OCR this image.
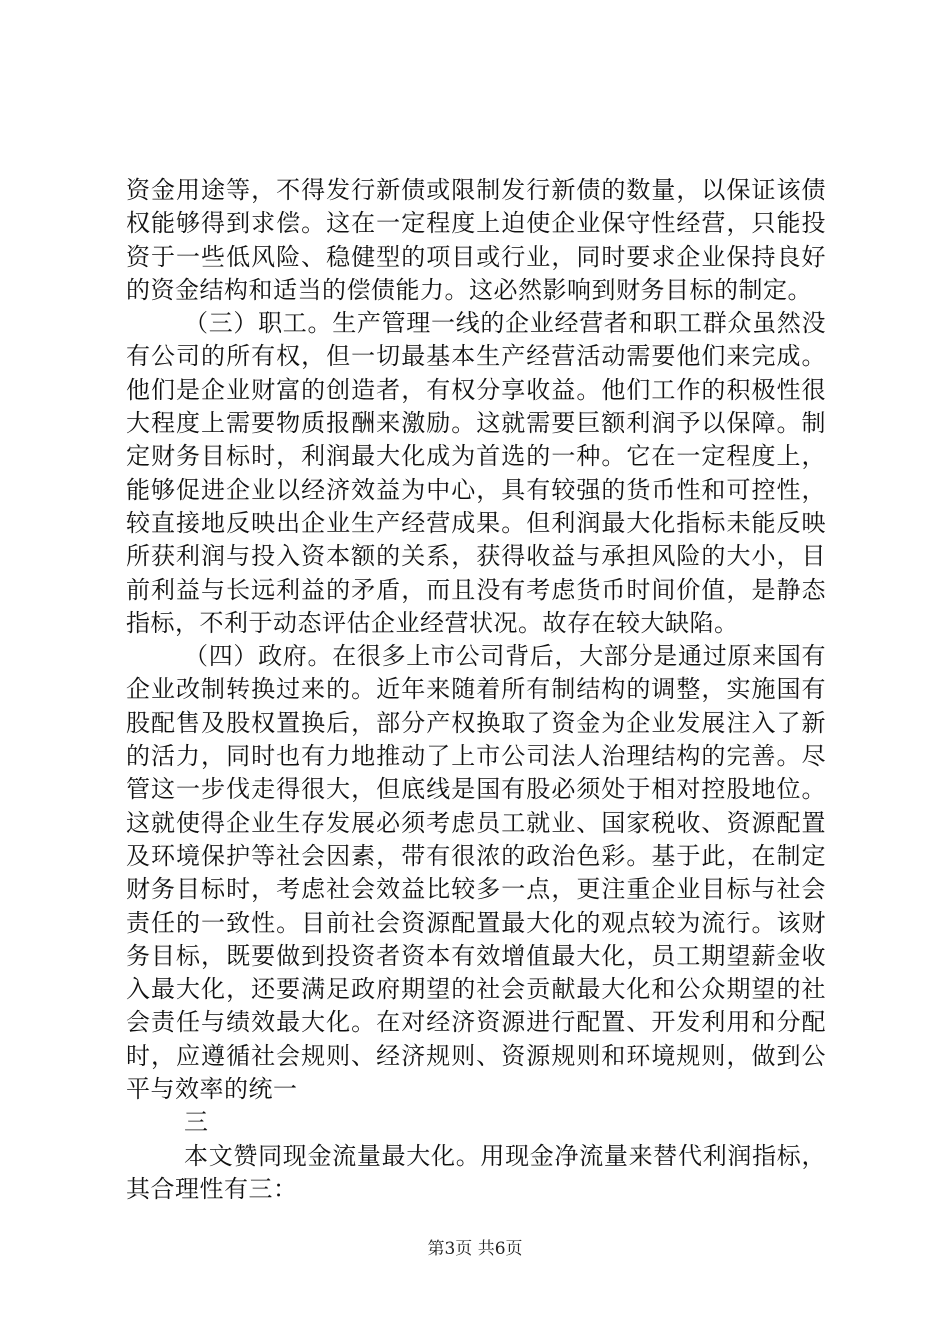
资金用途等，不得发行新债或限制发行新债的数量，以保证该债权能够得到求偿。这在一定程度上迫使企业保守性经营，只能投资于一些低风险、稳健型的项目或行业，同时要求企业保持良好的资金结构和适当的偿债能力。这必然影响到财务目标的制定。

（三）职工。生产管理一线的企业经营者和职工群众虽然没有公司的所有权，但一切最基本生产经营活动需要他们来完成。他们是企业财富的创造者，有权分享收益。他们工作的积极性很大程度上需要物质报酬来激励。这就需要巨额利润予以保障。制定财务目标时，利润最大化成为首选的一种。它在一定程度上，能够促进企业以经济效益为中心，具有较强的货币性和可控性，较直接地反映出企业生产经营成果。但利润最大化指标未能反映所获利润与投入资本额的关系，获得收益与承担风险的大小，目前利益与长远利益的矛盾，而且没有考虑货币时间价值，是静态指标，不利于动态评估企业经营状况。故存在较大缺陷。

（四）政府。在很多上市公司背后，大部分是通过原来国有企业改制转换过来的。近年来随着所有制结构的调整，实施国有股配售及股权置换后，部分产权换取了资金为企业发展注入了新的活力，同时也有力地推动了上市公司法人治理结构的完善。尽管这一步伐走得很大，但底线是国有股必须处于相对控股地位。这就使得企业生存发展必须考虑员工就业、国家税收、资源配置及环境保护等社会因素，带有很浓的政治色彩。基于此，在制定财务目标时，考虑社会效益比较多一点，更注重企业目标与社会责任的一致性。目前社会资源配置最大化的观点较为流行。该财务目标，既要做到投资者资本有效增值最大化，员工期望薪金收入最大化，还要满足政府期望的社会贡献最大化和公众期望的社会责任与绩效最大化。在对经济资源进行配置、开发利用和分配时，应遵循社会规则、经济规则、资源规则和环境规则，做到公平与效率的统一

三

本文赞同现金流量最大化。用现金净流量来替代利润指标，其合理性有三：

第3页 共6页
